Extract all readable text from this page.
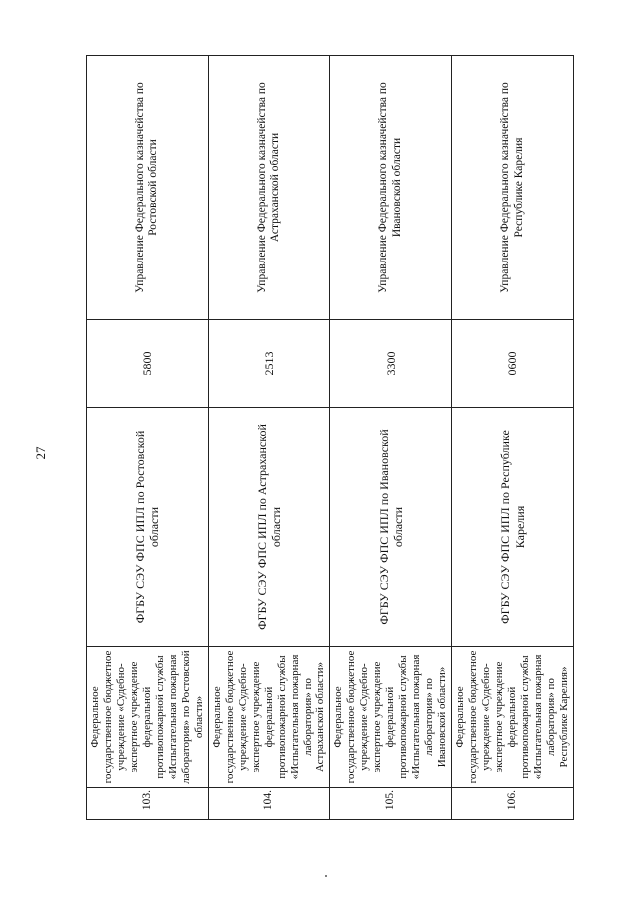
27
103.	Федеральное государственное бюджетное учреждение «Судебно-экспертное учреждение федеральной противопожарной службы «Испытательная пожарная лаборатория» по Ростовской области»	ФГБУ СЭУ ФПС ИПЛ по Ростовской области	5800	Управление Федерального казначейства по Ростовской области
104.	Федеральное государственное бюджетное учреждение «Судебно-экспертное учреждение федеральной противопожарной службы «Испытательная пожарная лаборатория» по Астраханской области»	ФГБУ СЭУ ФПС ИПЛ по Астраханской области	2513	Управление Федерального казначейства по Астраханской области
105.	Федеральное государственное бюджетное учреждение «Судебно-экспертное учреждение федеральной противопожарной службы «Испытательная пожарная лаборатория» по Ивановской области»	ФГБУ СЭУ ФПС ИПЛ по Ивановской области	3300	Управление Федерального казначейства по Ивановской области
106.	Федеральное государственное бюджетное учреждение «Судебно-экспертное учреждение федеральной противопожарной службы «Испытательная пожарная лаборатория» по Республике Карелия»	ФГБУ СЭУ ФПС ИПЛ по Республике Карелия	0600	Управление Федерального казначейства по Республике Карелия
